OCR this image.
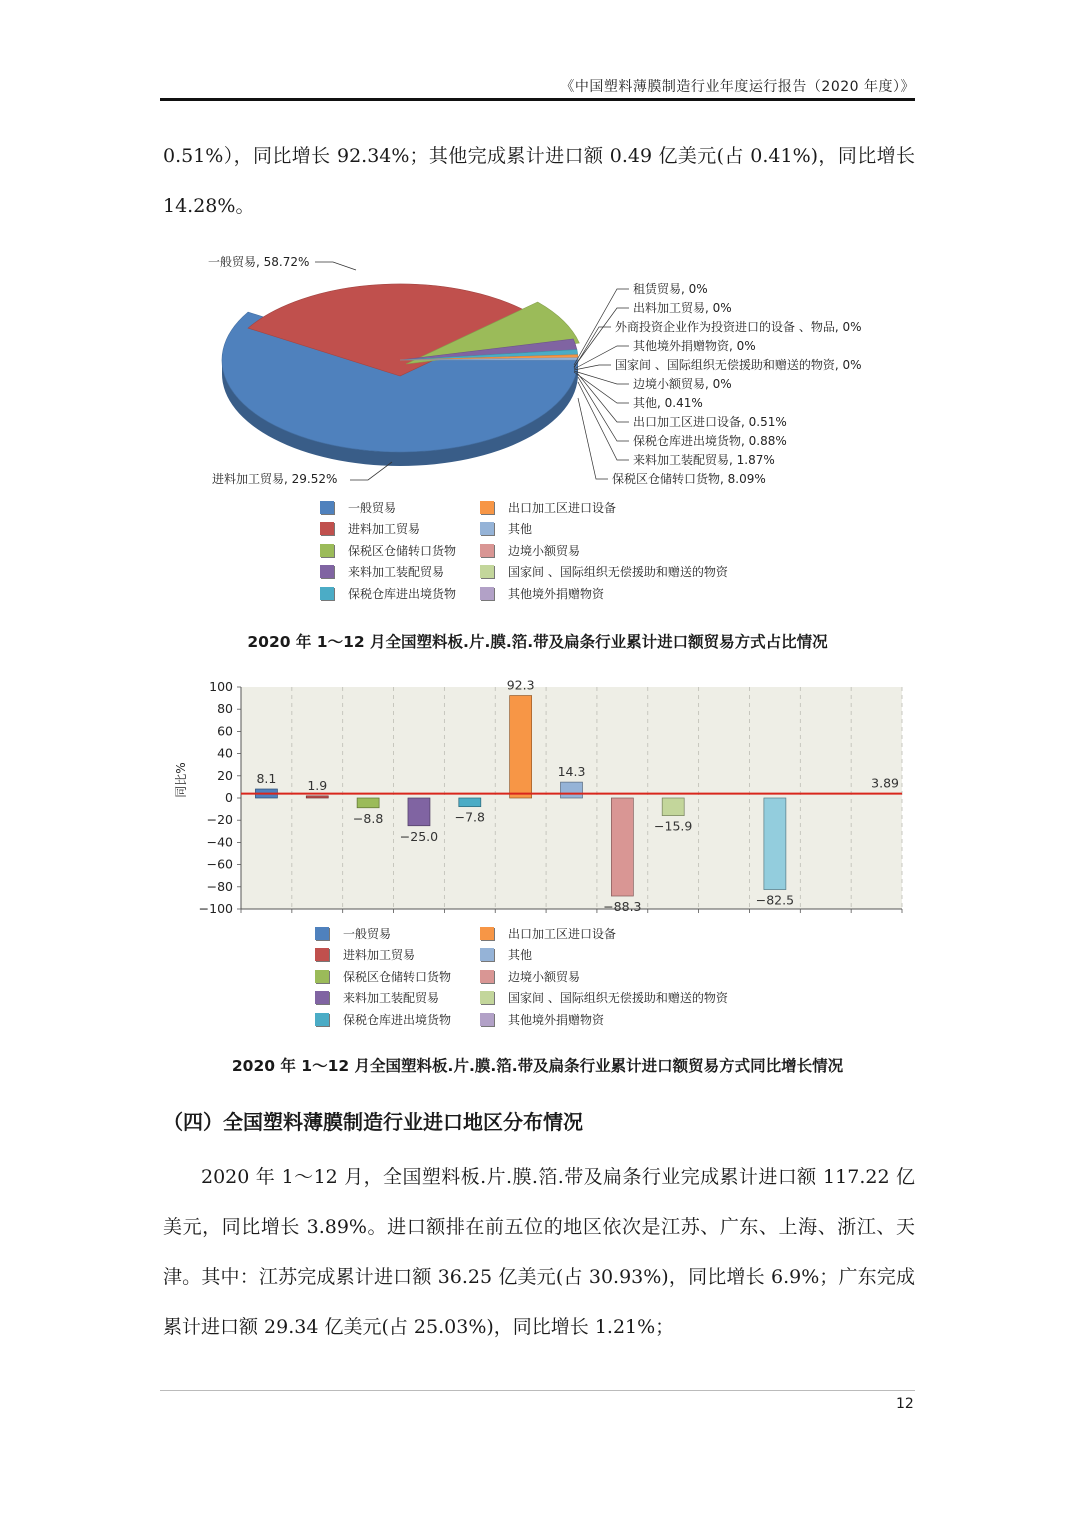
《中国塑料薄膜制造行业年度运行报告（2020 年度）》
0.51%），同比增长 92.34%；其他完成累计进口额 0.49 亿美元(占 0.41%)，同比增长 14.28%。
一般贸易, 58.72%
进料加工贸易, 29.52%
租赁贸易, 0%
出料加工贸易, 0%
外商投资企业作为投资进口的设备 、物品, 0%
其他境外捐赠物资, 0%
国家间 、国际组织无偿援助和赠送的物资, 0%
边境小额贸易, 0%
其他, 0.41%
出口加工区进口设备, 0.51%
保税仓库进出境货物, 0.88%
来料加工装配贸易, 1.87%
保税区仓储转口货物, 8.09%
一般贸易	出口加工区进口设备
进料加工贸易	其他
保税区仓储转口货物	边境小额贸易
来料加工装配贸易	国家间 、国际组织无偿援助和赠送的物资
保税仓库进出境货物	其他境外捐赠物资
2020 年 1～12 月全国塑料板.片.膜.箔.带及扁条行业累计进口额贸易方式占比情况
100
80
60
40
20
0
−20
−40
−60
−80
−100
8.1 1.9
−8.8
−25.0
−7.8
92.3
14.3
−88.3
−15.9
−82.5
3.89
同比%
一般贸易	出口加工区进口设备
进料加工贸易	其他
保税区仓储转口货物	边境小额贸易
来料加工装配贸易	国家间 、国际组织无偿援助和赠送的物资
保税仓库进出境货物	其他境外捐赠物资
2020 年 1～12 月全国塑料板.片.膜.箔.带及扁条行业累计进口额贸易方式同比增长情况
（四）全国塑料薄膜制造行业进口地区分布情况
2020 年 1～12 月，全国塑料板.片.膜.箔.带及扁条行业完成累计进口额 117.22 亿美元，同比增长 3.89%。进口额排在前五位的地区依次是江苏、广东、上海、浙江、天津。其中：江苏完成累计进口额 36.25 亿美元(占 30.93%)，同比增长 6.9%；广东完成累计进口额 29.34 亿美元(占 25.03%)，同比增长 1.21%；
12
